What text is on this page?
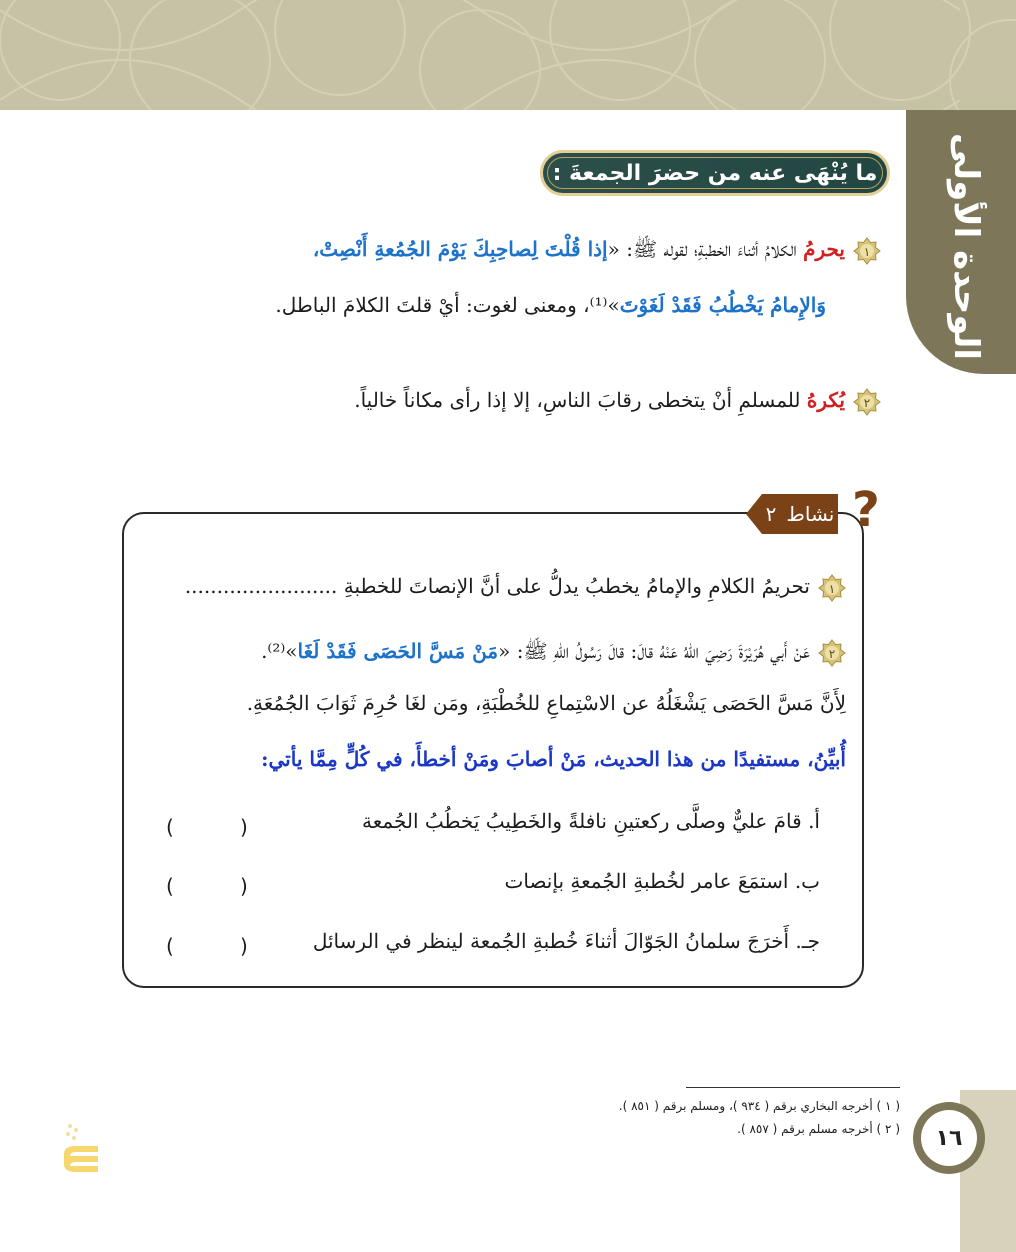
الوحدة الأولى
ما يُنْهَى عنه من حضرَ الجمعةَ :
١
يحرمُ الكلامُ أثناءَ الخطبةِ؛ لقوله ﷺ: «إذا قُلْتَ لِصاحِبِكَ يَوْمَ الجُمُعةِ أَنْصِتْ،
وَالإِمامُ يَخْطُبُ فَقَدْ لَغَوْتَ»⁽¹⁾، ومعنى لغوت: أيْ قلتَ الكلامَ الباطل.
٢
يُكرهُ للمسلمِ أنْ يتخطى رقابَ الناسِ، إلا إذا رأى مكاناً خالياً.
نشاط
٢ ?
١
تحريمُ الكلامِ والإمامُ يخطبُ يدلُّ على أنَّ الإنصاتَ للخطبةِ ........................
٢
عَنْ أَبي هُرَيْرَةَ رَضِيَ اللهُ عَنْهُ قالَ: قالَ رَسُولُ اللهِ ﷺ: «مَنْ مَسَّ الحَصَى فَقَدْ لَغَا»⁽²⁾.
لِأَنَّ مَسَّ الحَصَى يَشْغَلُهُ عن الاسْتِماعِ للخُطْبَةِ، ومَن لغَا حُرِمَ ثَوَابَ الجُمُعَةِ.
أُبيِّنُ، مستفيدًا من هذا الحديث، مَنْ أصابَ ومَنْ أخطأَ، في كُلٍّ مِمَّا يأتي:
أ. قامَ عليٌّ وصلَّى ركعتينِ نافلةً والخَطِيبُ يَخطُبُ الجُمعة
(
)
ب. استمَعَ عامر لخُطبةِ الجُمعةِ بإنصات
(
)
جـ. أَخرَجَ سلمانُ الجَوّالَ أثناءَ خُطبةِ الجُمعة لينظر في الرسائل
(
)
( ١ ) أخرجه البخاري برقم ( ٩٣٤ )، ومسلم برقم ( ٨٥١ ).
( ٢ ) أخرجه مسلم برقم ( ٨٥٧ ).	١٦
